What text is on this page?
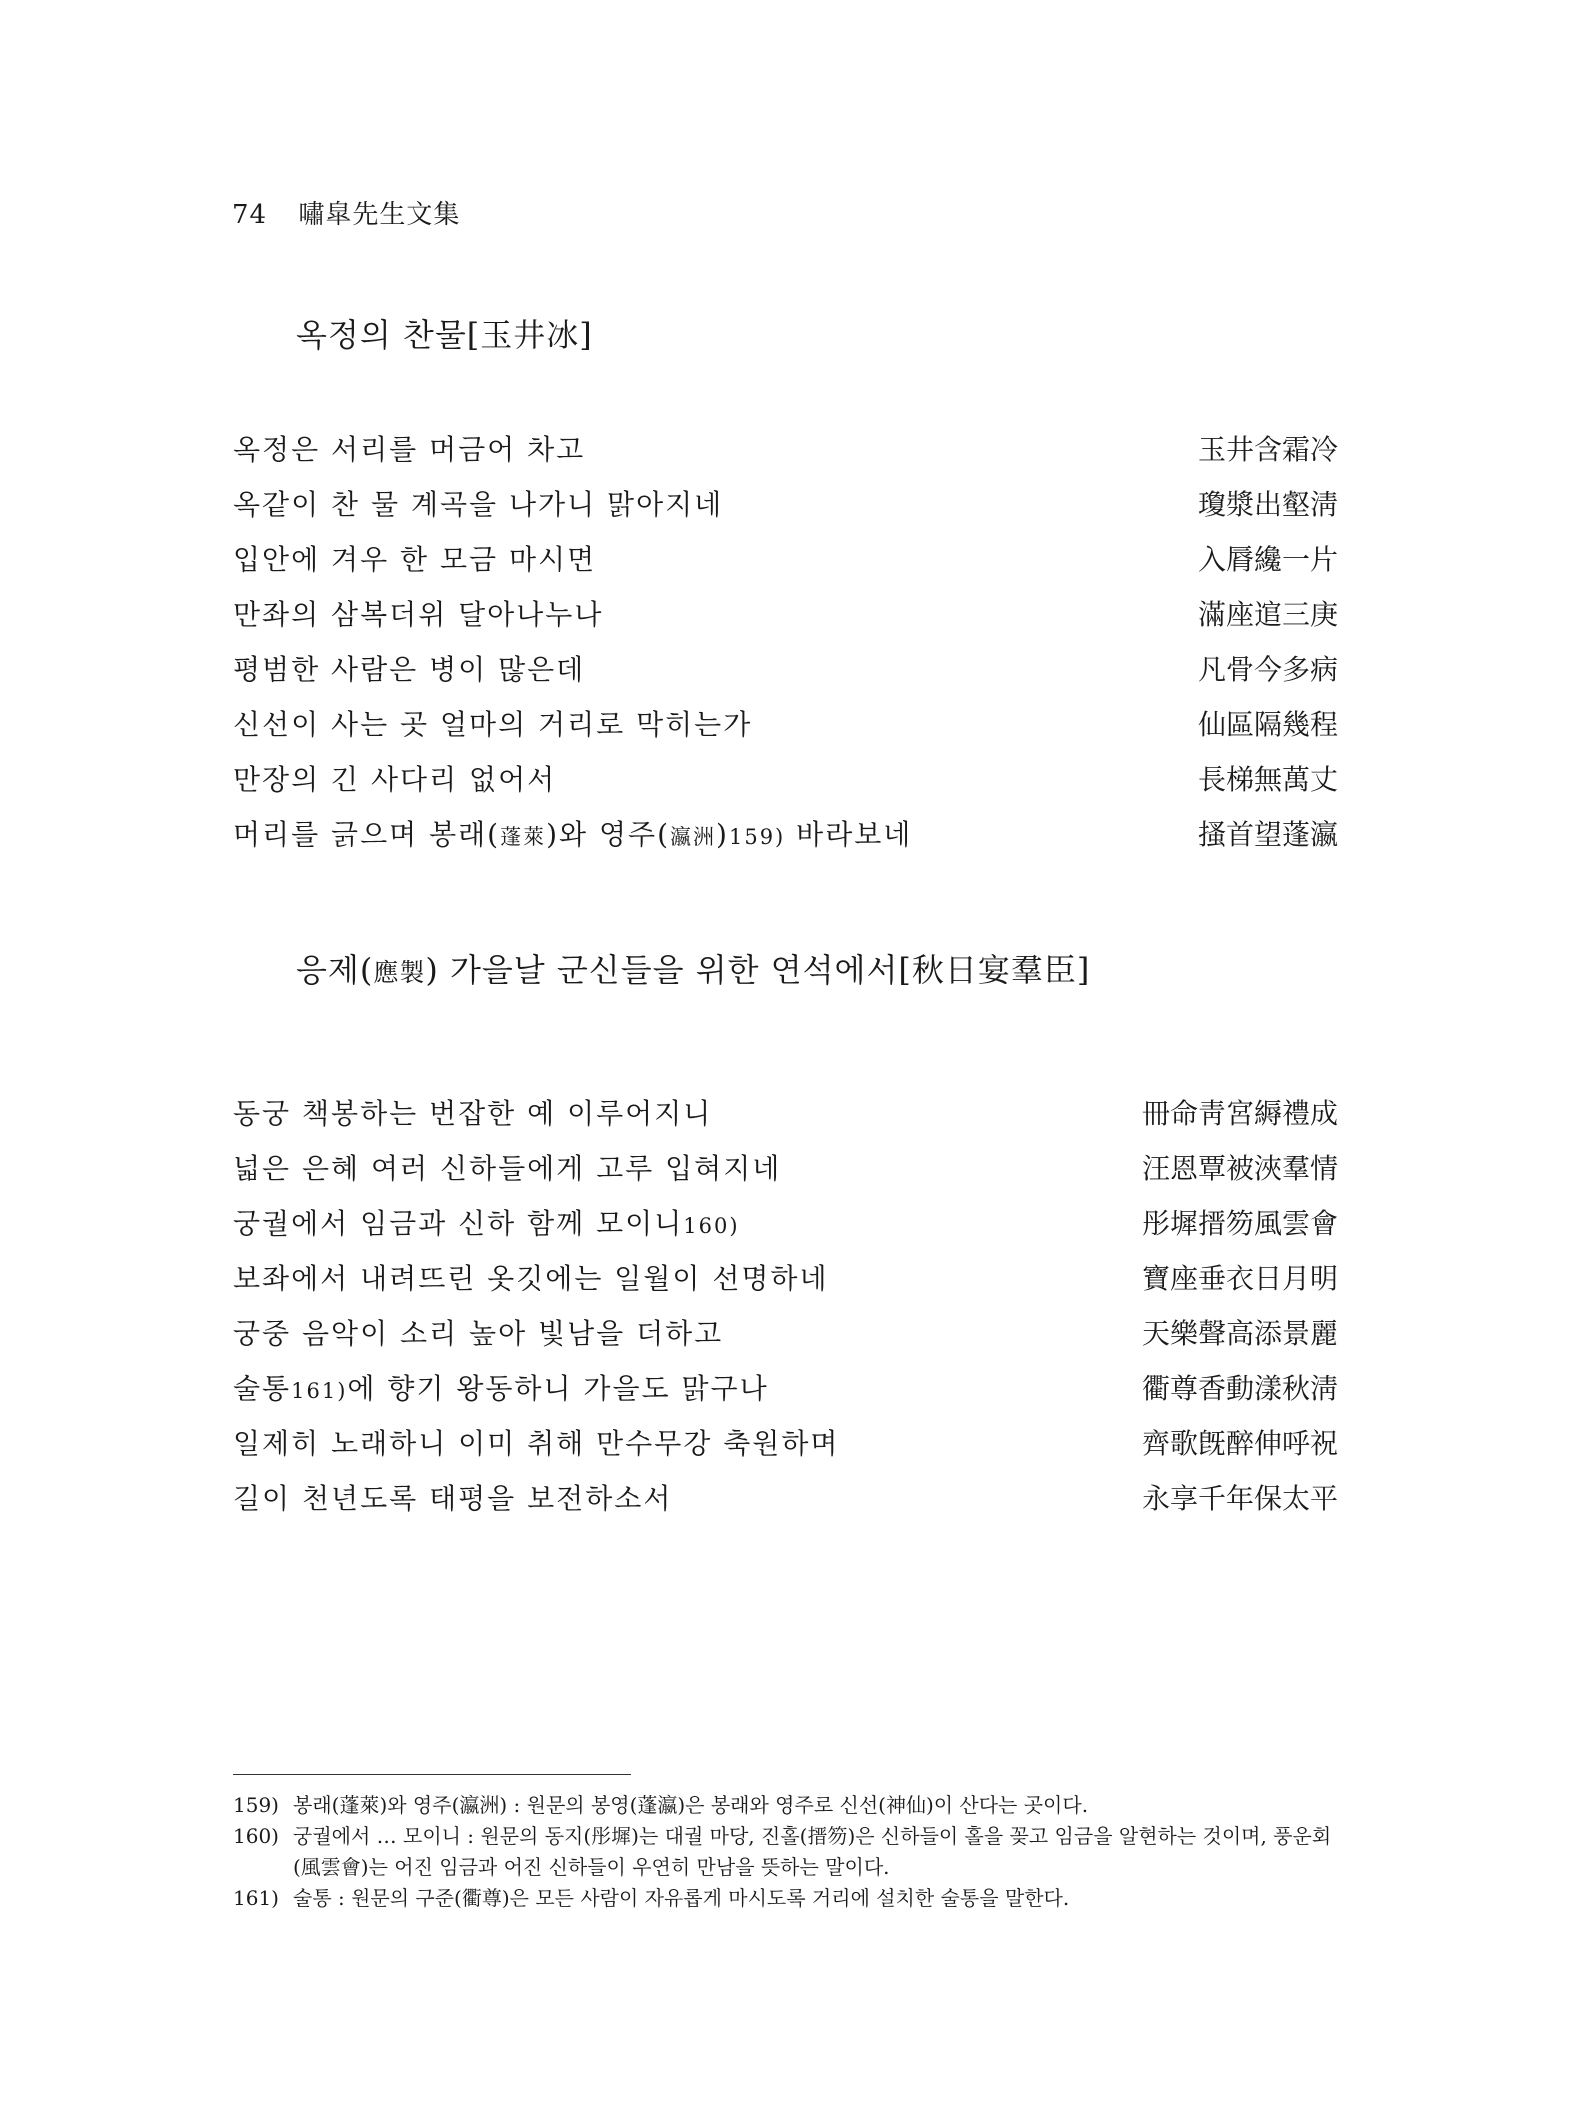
74 嘯皐先生文集
옥정의 찬물[玉井冰]
옥정은 서리를 머금어 차고	玉井含霜冷
옥같이 찬 물 계곡을 나가니 맑아지네	瓊漿出壑淸
입안에 겨우 한 모금 마시면	入脣纔一片
만좌의 삼복더위 달아나누나	滿座逭三庚
평범한 사람은 병이 많은데	凡骨今多病
신선이 사는 곳 얼마의 거리로 막히는가	仙區隔幾程
만장의 긴 사다리 없어서	長梯無萬丈
머리를 긁으며 봉래(蓬萊)와 영주(瀛洲)159) 바라보네	搔首望蓬瀛
응제(應製) 가을날 군신들을 위한 연석에서[秋日宴羣臣]
동궁 책봉하는 번잡한 예 이루어지니	冊命靑宮縟禮成
넓은 은혜 여러 신하들에게 고루 입혀지네	汪恩覃被浹羣情
궁궐에서 임금과 신하 함께 모이니160)	彤墀搢笏風雲會
보좌에서 내려뜨린 옷깃에는 일월이 선명하네	寶座垂衣日月明
궁중 음악이 소리 높아 빛남을 더하고	天樂聲高添景麗
술통161)에 향기 왕동하니 가을도 맑구나	衢尊香動漾秋淸
일제히 노래하니 이미 취해 만수무강 축원하며	齊歌旣醉伸呼祝
길이 천년도록 태평을 보전하소서	永享千年保太平
159) 봉래(蓬萊)와 영주(瀛洲) : 원문의 봉영(蓬瀛)은 봉래와 영주로 신선(神仙)이 산다는 곳이다.
160) 궁궐에서 … 모이니 : 원문의 동지(彤墀)는 대궐 마당, 진홀(搢笏)은 신하들이 홀을 꽂고 임금을 알현하는 것이며, 풍운회(風雲會)는 어진 임금과 어진 신하들이 우연히 만남을 뜻하는 말이다.
161) 술통 : 원문의 구준(衢尊)은 모든 사람이 자유롭게 마시도록 거리에 설치한 술통을 말한다.
